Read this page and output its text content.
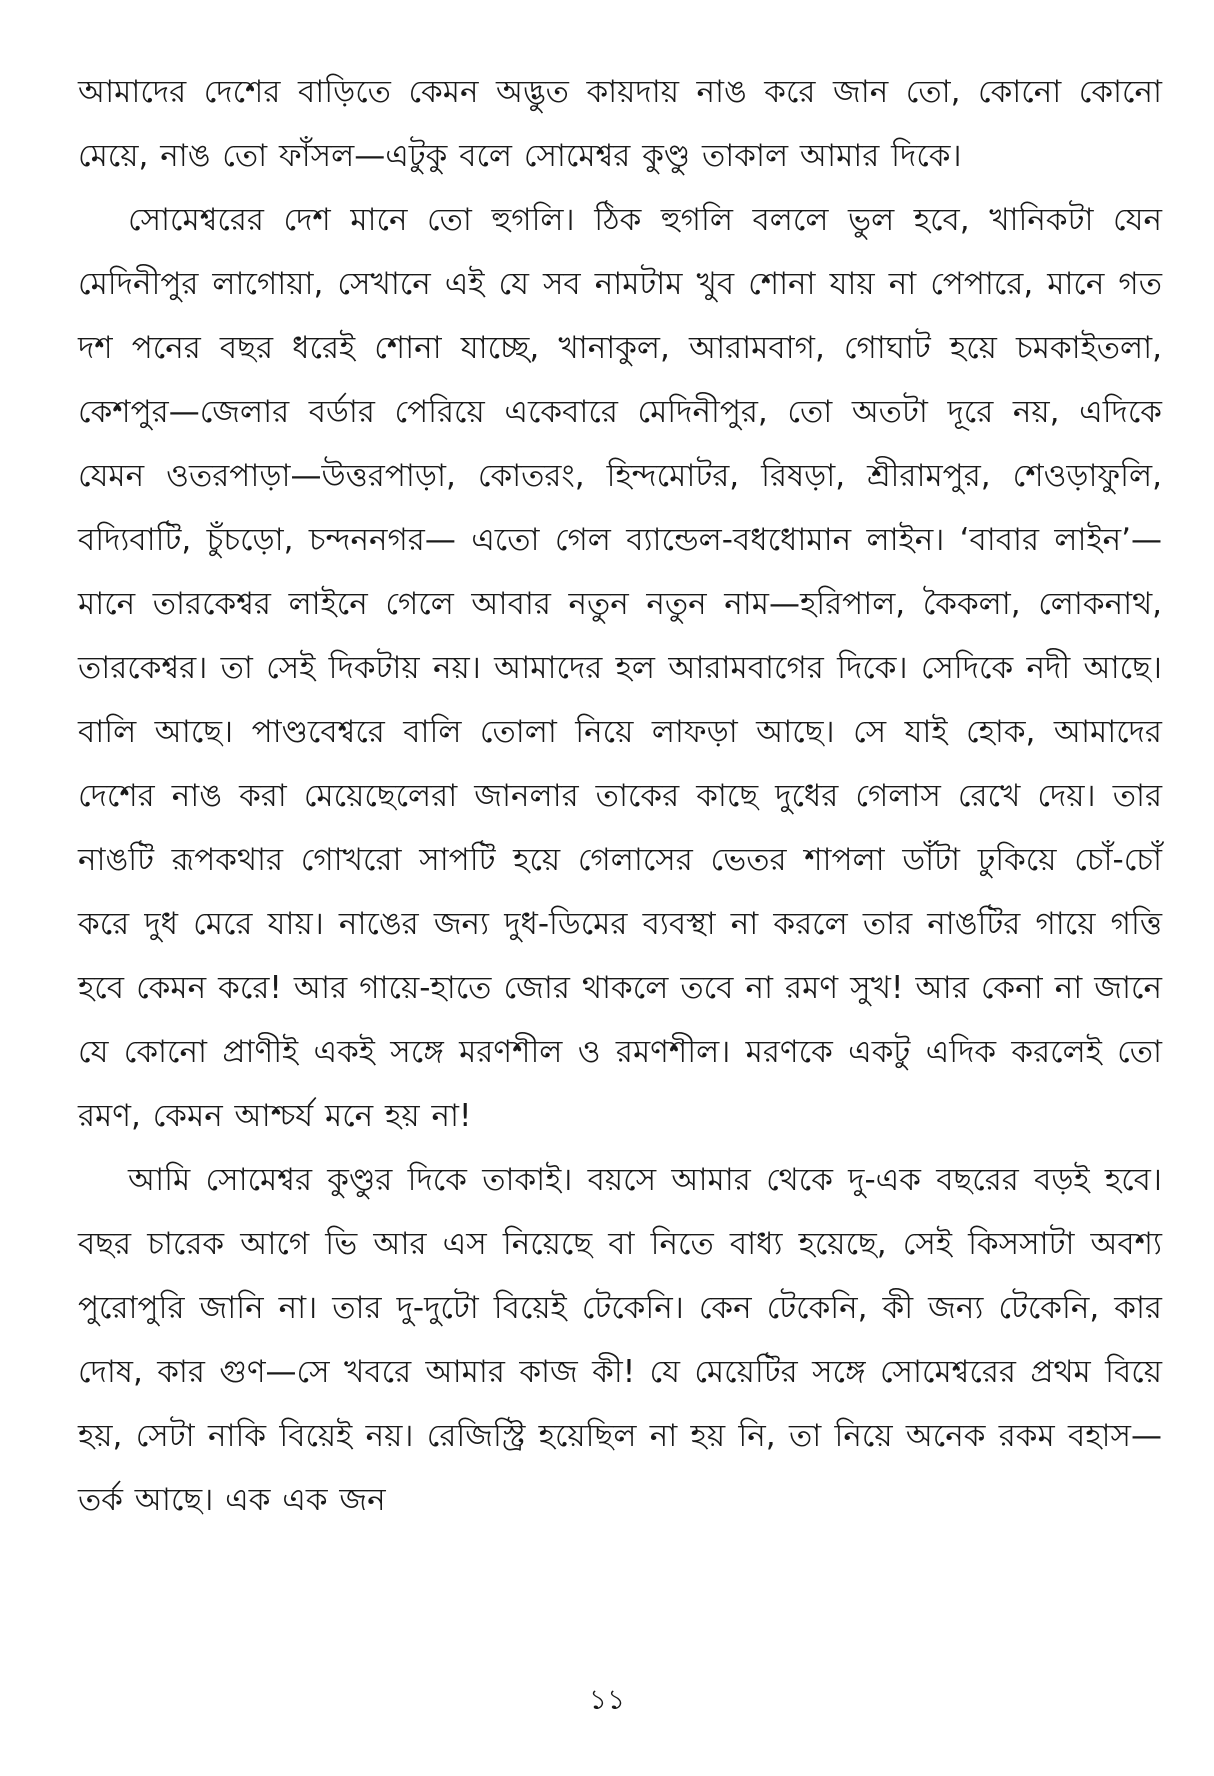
আমাদের দেশের বাড়িতে কেমন অদ্ভুত কায়দায় নাঙ করে জান তো, কোনো কোনো মেয়ে, নাঙ তো ফাঁসল—এটুকু বলে সোমেশ্বর কুণ্ডু তাকাল আমার দিকে।

সোমেশ্বরের দেশ মানে তো হুগলি। ঠিক হুগলি বললে ভুল হবে, খানিকটা যেন মেদিনীপুর লাগোয়া, সেখানে এই যে সব নামটাম খুব শোনা যায় না পেপারে, মানে গত দশ পনের বছর ধরেই শোনা যাচ্ছে, খানাকুল, আরামবাগ, গোঘাট হয়ে চমকাইতলা, কেশপুর—জেলার বর্ডার পেরিয়ে একেবারে মেদিনীপুর, তো অতটা দূরে নয়, এদিকে যেমন ওতরপাড়া—উত্তরপাড়া, কোতরং, হিন্দমোটর, রিষড়া, শ্রীরামপুর, শেওড়াফুলি, বদ্যিবাটি, চুঁচড়ো, চন্দননগর— এতো গেল ব্যান্ডেল-বধধোমান লাইন। ‘বাবার লাইন’—মানে তারকেশ্বর লাইনে গেলে আবার নতুন নতুন নাম—হরিপাল, কৈকলা, লোকনাথ, তারকেশ্বর। তা সেই দিকটায় নয়। আমাদের হল আরামবাগের দিকে। সেদিকে নদী আছে। বালি আছে। পাণ্ডবেশ্বরে বালি তোলা নিয়ে লাফড়া আছে। সে যাই হোক, আমাদের দেশের নাঙ করা মেয়েছেলেরা জানলার তাকের কাছে দুধের গেলাস রেখে দেয়। তার নাঙটি রূপকথার গোখরো সাপটি হয়ে গেলাসের ভেতর শাপলা ডাঁটা ঢুকিয়ে চোঁ-চোঁ করে দুধ মেরে যায়। নাঙের জন্য দুধ-ডিমের ব্যবস্থা না করলে তার নাঙটির গায়ে গত্তি হবে কেমন করে! আর গায়ে-হাতে জোর থাকলে তবে না রমণ সুখ! আর কেনা না জানে যে কোনো প্রাণীই একই সঙ্গে মরণশীল ও রমণশীল। মরণকে একটু এদিক করলেই তো রমণ, কেমন আশ্চর্য মনে হয় না!

আমি সোমেশ্বর কুণ্ডুর দিকে তাকাই। বয়সে আমার থেকে দু-এক বছরের বড়ই হবে। বছর চারেক আগে ভি আর এস নিয়েছে বা নিতে বাধ্য হয়েছে, সেই কিসসাটা অবশ্য পুরোপুরি জানি না। তার দু-দুটো বিয়েই টেকেনি। কেন টেকেনি, কী জন্য টেকেনি, কার দোষ, কার গুণ—সে খবরে আমার কাজ কী! যে মেয়েটির সঙ্গে সোমেশ্বরের প্রথম বিয়ে হয়, সেটা নাকি বিয়েই নয়। রেজিস্ট্রি হয়েছিল না হয় নি, তা নিয়ে অনেক রকম বহাস—তর্ক আছে। এক এক জন

১১
